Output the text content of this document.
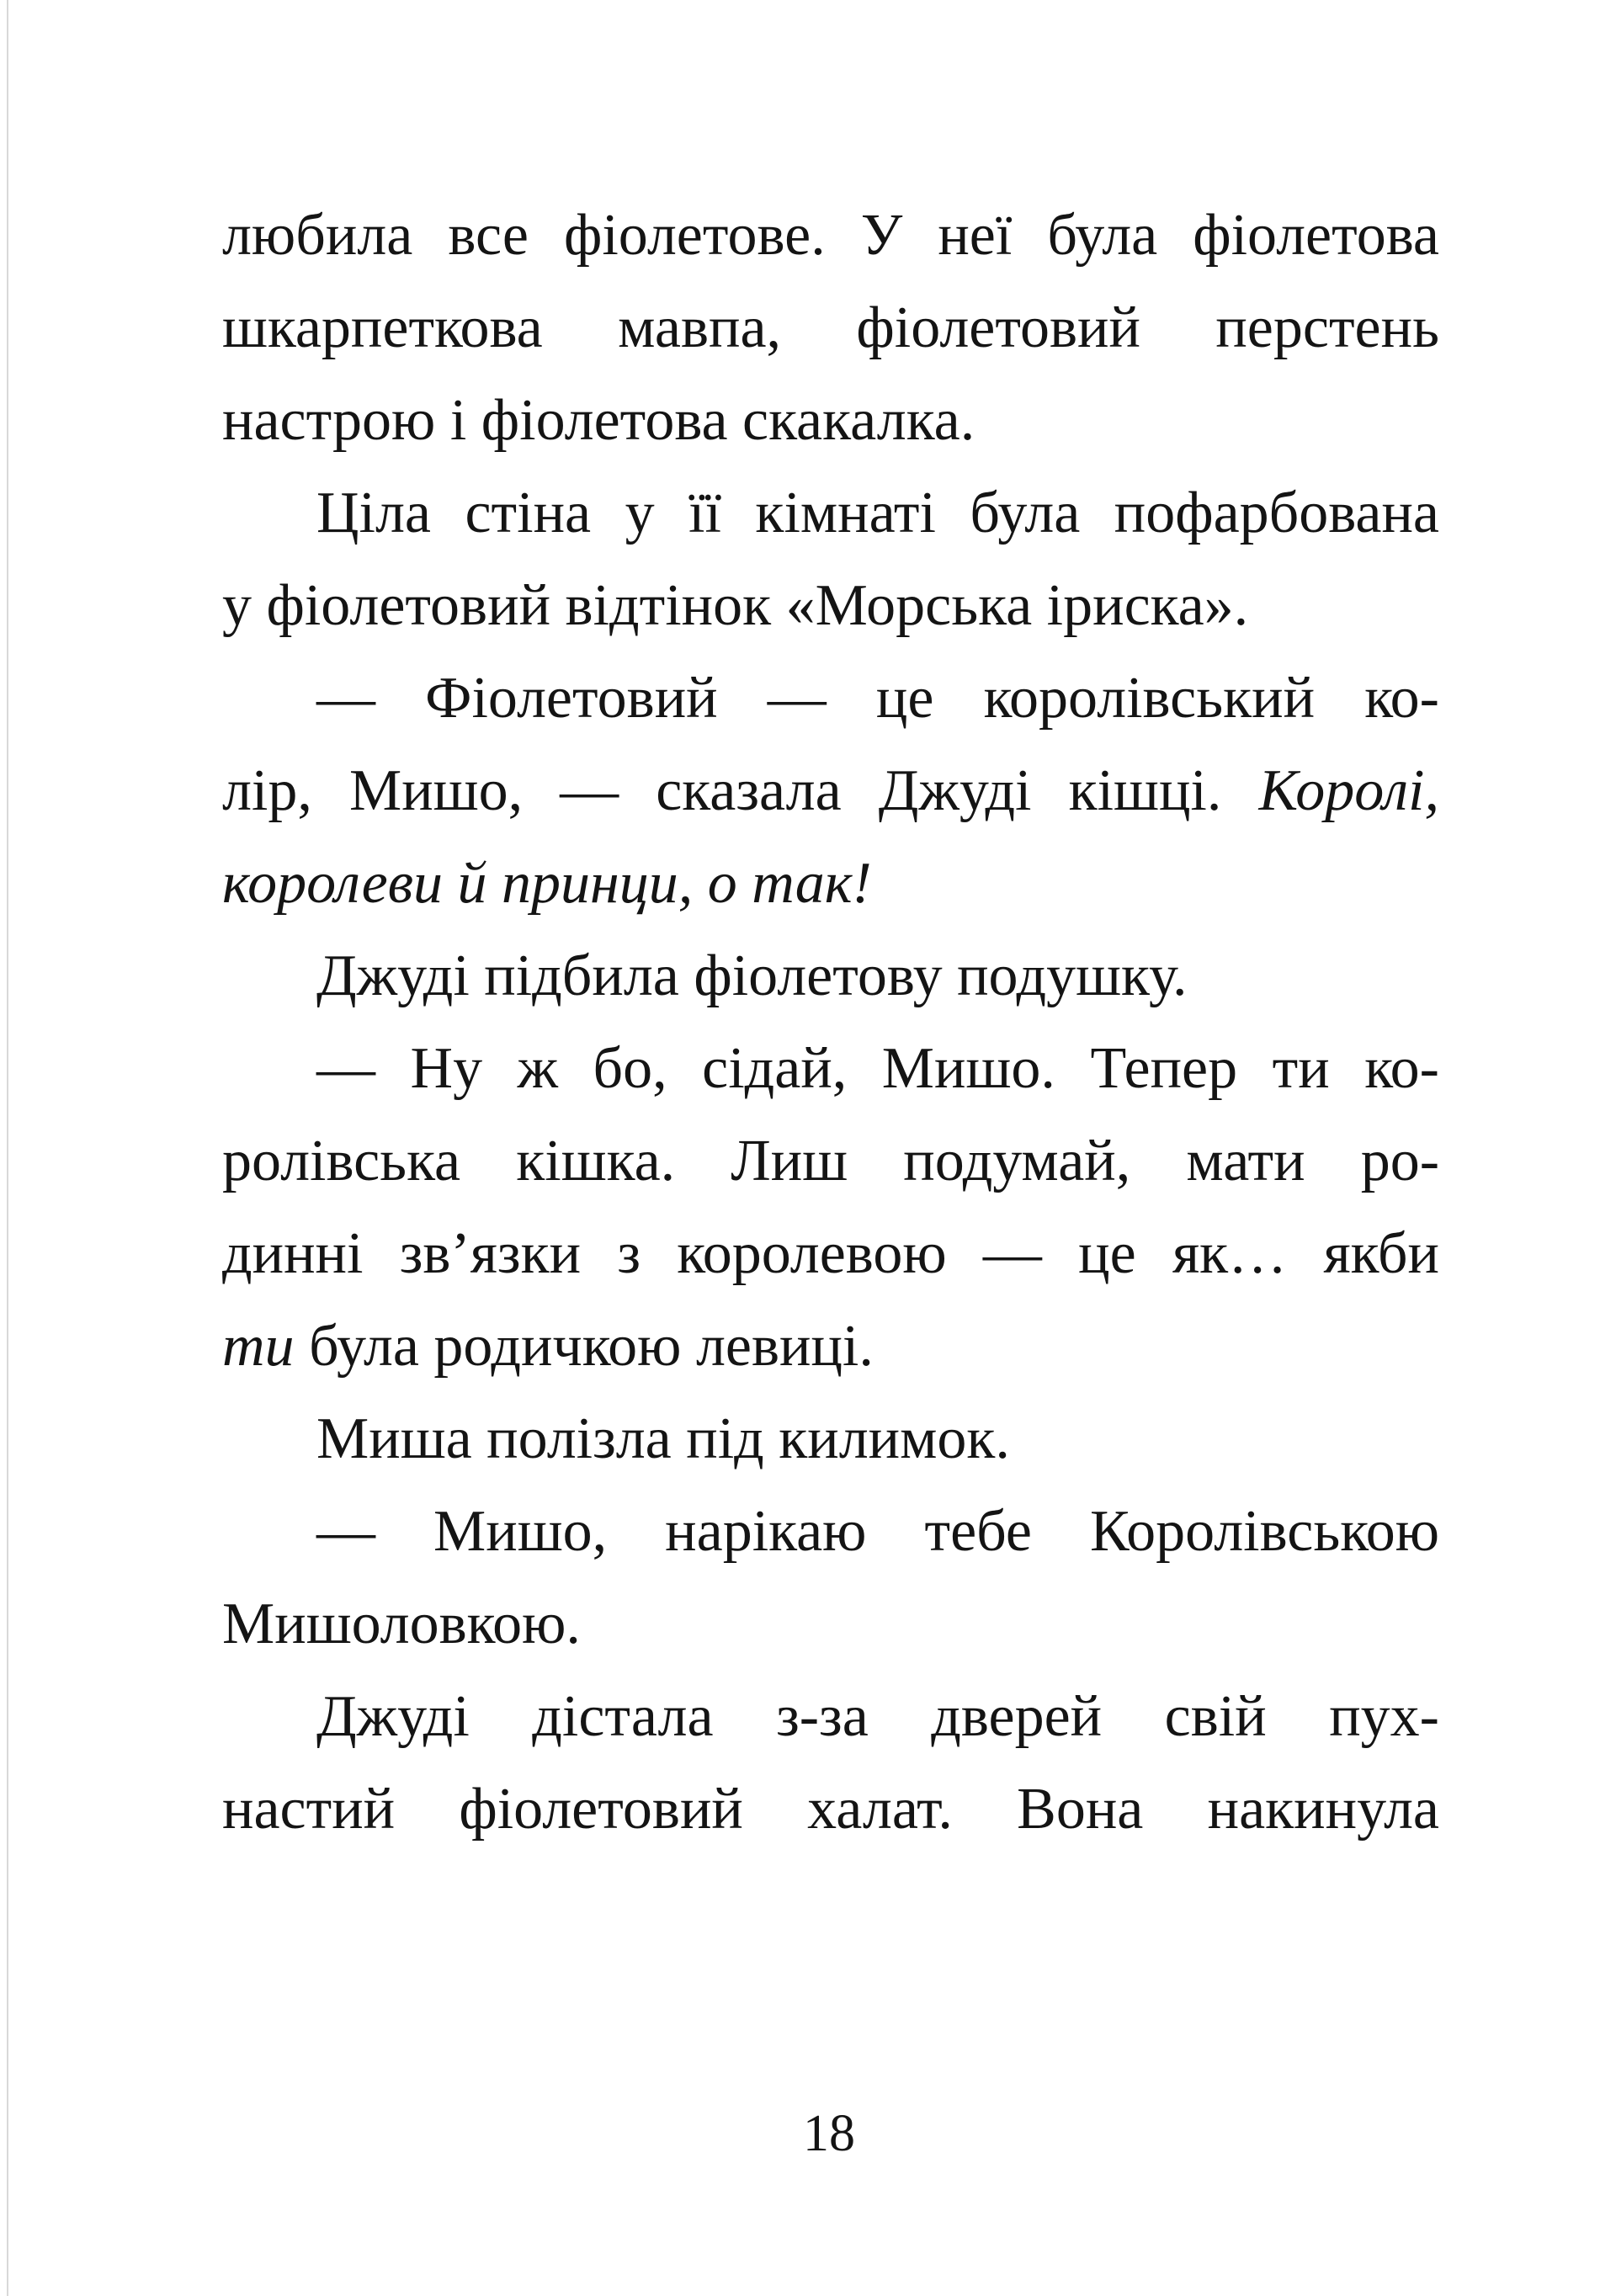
любила все фіолетове. У неї була фіолетова
шкарпеткова мавпа, фіолетовий перстень
настрою і фіолетова скакалка.
Ціла стіна у її кімнаті була пофарбована
у фіолетовий відтінок «Морська іриска».
— Фіолетовий — це королівський ко-
лір, Мишо, — сказала Джуді кішці. Королі,
королеви й принци, о так!
Джуді підбила фіолетову подушку.
— Ну ж бо, сідай, Мишо. Тепер ти ко-
ролівська кішка. Лиш подумай, мати ро-
динні зв’язки з королевою — це як… якби
ти була родичкою левиці.
Миша полізла під килимок.
— Мишо, нарікаю тебе Королівською
Мишоловкою.
Джуді дістала з-за дверей свій пух-
настий фіолетовий халат. Вона накинула
18
